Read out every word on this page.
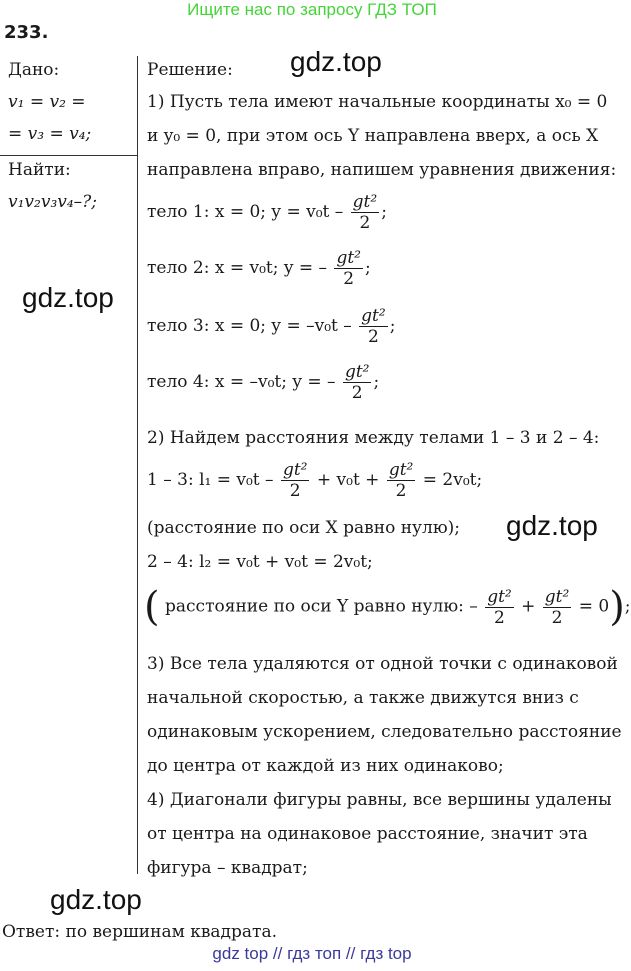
Ищите нас по запросу ГДЗ ТОП
233.
Дано:
v₁ = v₂ =
= v₃ = v₄;
Найти:
v₁v₂v₃v₄–?;
gdz.top
gdz.top
gdz.top
gdz.top
Решение:
1) Пусть тела имеют начальные координаты x₀ = 0
и y₀ = 0, при этом ось Y направлена вверх, а ось X
направлена вправо, напишем уравнения движения:
тело 1: x = 0; $y = v_0t - \frac{\text{gt²}}{2}$ ;
тело 2: x = v₀t; y = – $\frac{\text{gt²}}{2}$ ;
тело 3: x = 0; $y = -v_0t - \frac{\text{gt²}}{2}$ ;
тело 4: x = –v₀t; y = – $\frac{\text{gt²}}{2}$ ;
2) Найдем расстояния между телами 1 – 3 и 2 – 4:
1 – 3: $l_1 = v_0t - \frac{\text{gt²}}{2} + v_0t + \frac{\text{gt²}}{2} = 2v_0t$;
(расстояние по оси X равно нулю);
2 – 4: l₂ = v₀t + v₀t = 2v₀t;
( расстояние по оси Y равно нулю: – $\frac{\text{gt²}}{2} + \frac{\text{gt²}}{2} = 0$);
3) Все тела удаляются от одной точки с одинаковой
начальной скоростью, а также движутся вниз с
одинаковым ускорением, следовательно расстояние
до центра от каждой из них одинаково;
4) Диагонали фигуры равны, все вершины удалены
от центра на одинаковое расстояние, значит эта
фигура – квадрат;
Ответ: по вершинам квадрата.
gdz top // гдз топ // гдз top
